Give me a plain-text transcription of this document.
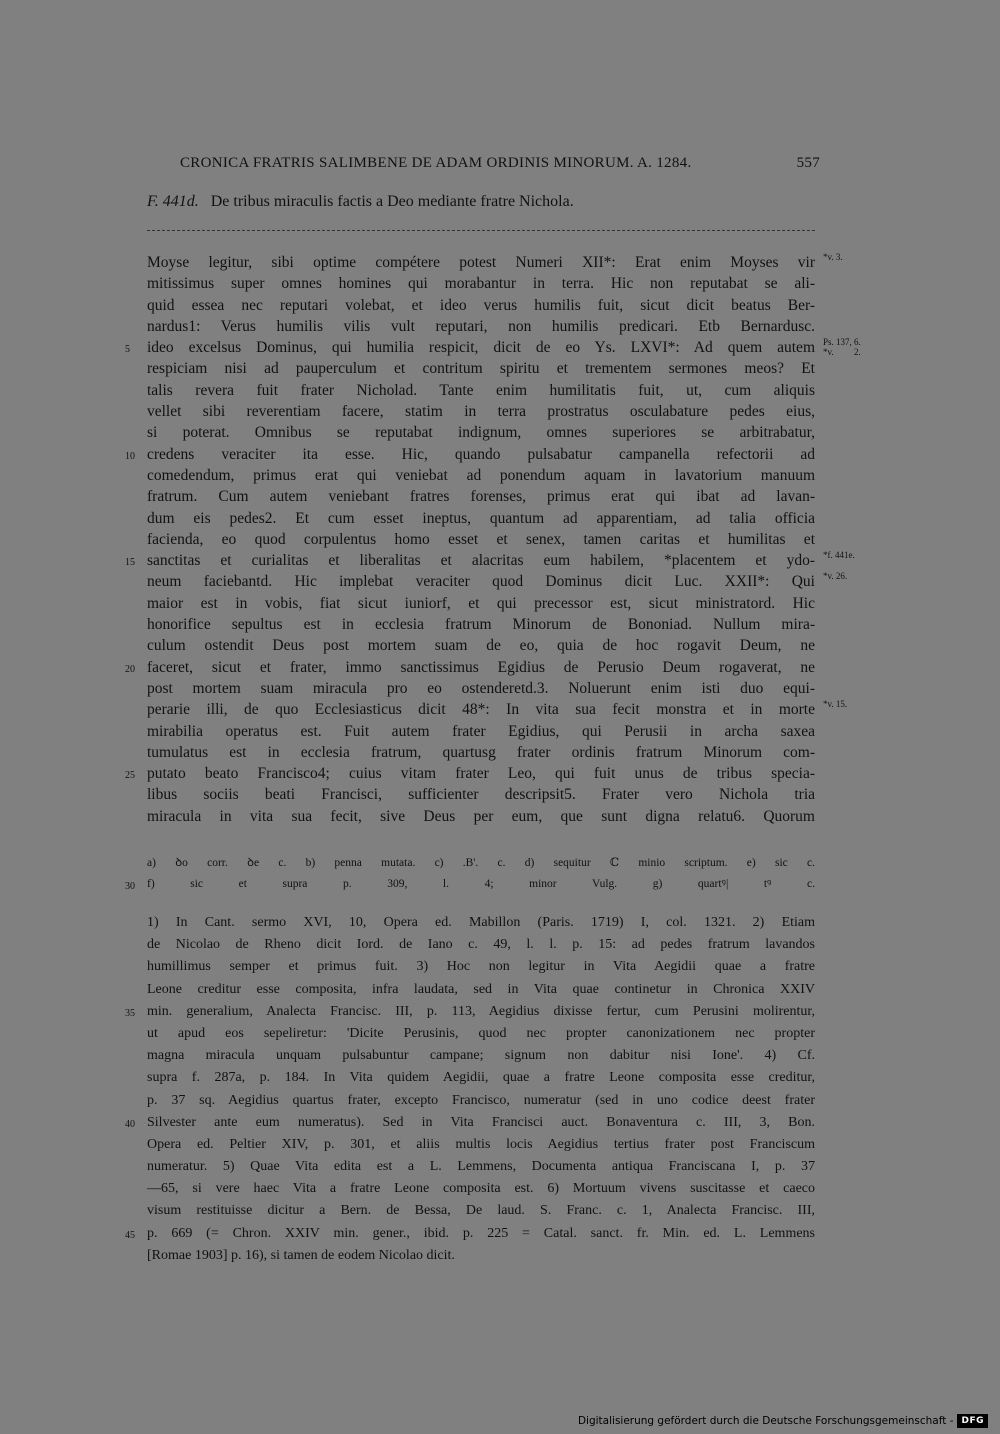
CRONICA FRATRIS SALIMBENE DE ADAM ORDINIS MINORUM. A. 1284.	557
F. 441d. De tribus miraculis factis a Deo mediante fratre Nichola.
Moyse legitur, sibi optime compétere potest Numeri XII*: Erat enim Moyses vir *v. 3.
mitissimus super omnes homines qui morabantur in terra. Hic non reputabat se ali-
quid essea nec reputari volebat, et ideo verus humilis fuit, sicut dicit beatus Ber-
nardus1: Verus humilis vilis vult reputari, non humilis predicari. Etb Bernardusc.
ideo excelsus Dominus, qui humilia respicit, dicit de eo Ys. LXVI*: Ad quem autem
5
Ps. 137, 6.
*v. 2.
respiciam nisi ad pauperculum et contritum spiritu et trementem sermones meos? Et
talis revera fuit frater Nicholad. Tante enim humilitatis fuit, ut, cum aliquis
vellet sibi reverentiam facere, statim in terra prostratus osculabature pedes eius,
si poterat. Omnibus se reputabat indignum, omnes superiores se arbitrabatur,
credens veraciter ita esse. Hic, quando pulsabatur campanella refectorii ad
10
comedendum, primus erat qui veniebat ad ponendum aquam in lavatorium manuum
fratrum. Cum autem veniebant fratres forenses, primus erat qui ibat ad lavan-
dum eis pedes2. Et cum esset ineptus, quantum ad apparentiam, ad talia officia
facienda, eo quod corpulentus homo esset et senex, tamen caritas et humilitas et
sanctitas et curialitas et liberalitas et alacritas eum habilem, *placentem et ydo-
15
*f. 441e.
neum faciebantd. Hic implebat veraciter quod Dominus dicit Luc. XXII*: Qui *v. 26.
maior est in vobis, fiat sicut iuniorf, et qui precessor est, sicut ministratord. Hic
honorifice sepultus est in ecclesia fratrum Minorum de Bononiad. Nullum mira-
culum ostendit Deus post mortem suam de eo, quia de hoc rogavit Deum, ne
faceret, sicut et frater, immo sanctissimus Egidius de Perusio Deum rogaverat, ne
20
post mortem suam miracula pro eo ostenderetd.3. Noluerunt enim isti duo equi-
perarie illi, de quo Ecclesiasticus dicit 48*: In vita sua fecit monstra et in morte *v. 15.
mirabilia operatus est. Fuit autem frater Egidius, qui Perusii in archa saxea
tumulatus est in ecclesia fratrum, quartusg frater ordinis fratrum Minorum com-
putato beato Francisco4; cuius vitam frater Leo, qui fuit unus de tribus specia-
25
libus sociis beati Francisci, sufficienter descripsit5. Frater vero Nichola tria
miracula in vita sua fecit, sive Deus per eum, que sunt digna relatu6. Quorum
a) ꝺo corr. ꝺe c. b) penna mutata. c) .B'. c. d) sequitur ℂ minio scriptum. e) sic c.
f) sic et supra p. 309, l. 4; minor Vulg. g) quartꝰ| tꝰ c.
30
1) In Cant. sermo XVI, 10, Opera ed. Mabillon (Paris. 1719) I, col. 1321. 2) Etiam
de Nicolao de Rheno dicit Iord. de Iano c. 49, l. l. p. 15: ad pedes fratrum lavandos
humillimus semper et primus fuit. 3) Hoc non legitur in Vita Aegidii quae a fratre
Leone creditur esse composita, infra laudata, sed in Vita quae continetur in Chronica XXIV
min. generalium, Analecta Francisc. III, p. 113, Aegidius dixisse fertur, cum Perusini molirentur,
35
ut apud eos sepeliretur: 'Dicite Perusinis, quod nec propter canonizationem nec propter
magna miracula unquam pulsabuntur campane; signum non dabitur nisi Ione'. 4) Cf.
supra f. 287a, p. 184. In Vita quidem Aegidii, quae a fratre Leone composita esse creditur,
p. 37 sq. Aegidius quartus frater, excepto Francisco, numeratur (sed in uno codice deest frater
Silvester ante eum numeratus). Sed in Vita Francisci auct. Bonaventura c. III, 3, Bon.
40
Opera ed. Peltier XIV, p. 301, et aliis multis locis Aegidius tertius frater post Franciscum
numeratur. 5) Quae Vita edita est a L. Lemmens, Documenta antiqua Franciscana I, p. 37
—65, si vere haec Vita a fratre Leone composita est. 6) Mortuum vivens suscitasse et caeco
visum restituisse dicitur a Bern. de Bessa, De laud. S. Franc. c. 1, Analecta Francisc. III,
p. 669 (= Chron. XXIV min. gener., ibid. p. 225 = Catal. sanct. fr. Min. ed. L. Lemmens
45
[Romae 1903] p. 16), si tamen de eodem Nicolao dicit.
Digitalisierung gefördert durch die Deutsche Forschungsgemeinschaft - DFG
